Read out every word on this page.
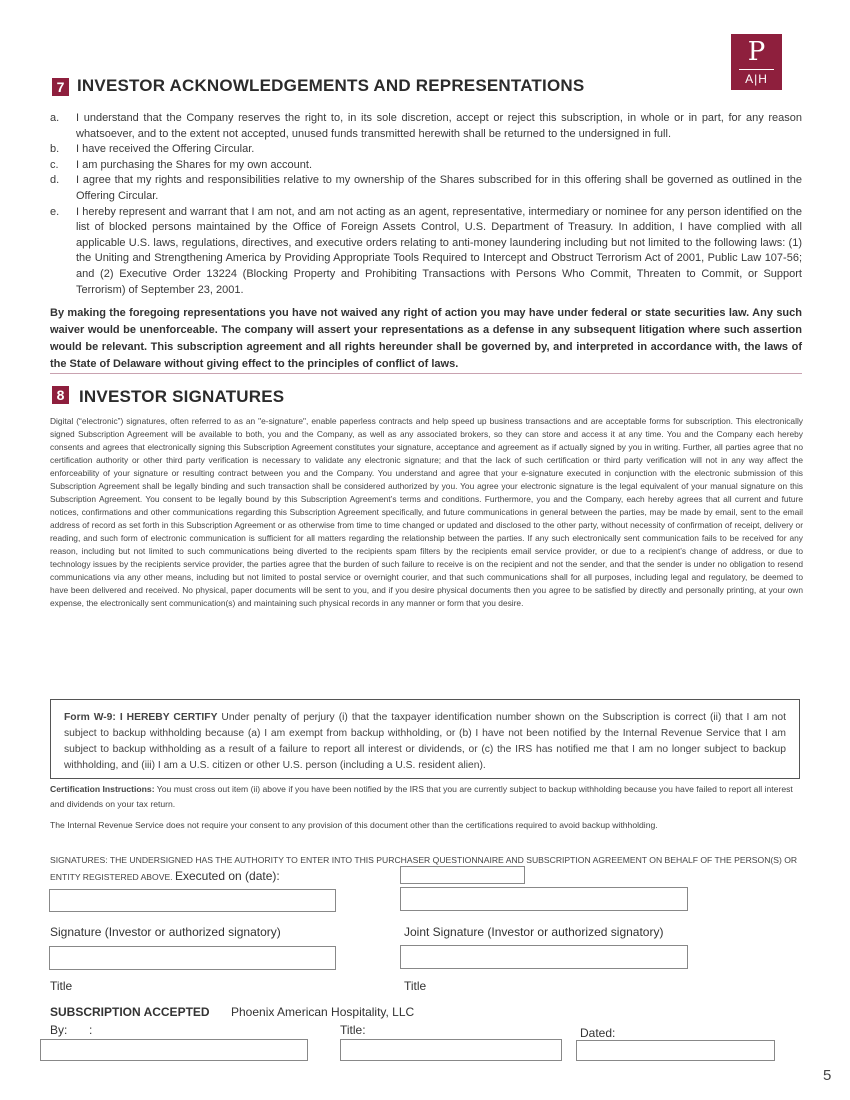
P
A|H
7 INVESTOR ACKNOWLEDGEMENTS AND REPRESENTATIONS
a.	I understand that the Company reserves the right to, in its sole discretion, accept or reject this subscription, in whole or in part, for any reason whatsoever, and to the extent not accepted, unused funds transmitted herewith shall be returned to the undersigned in full.
b.	I have received the Offering Circular.
c.	I am purchasing the Shares for my own account.
d.	I agree that my rights and responsibilities relative to my ownership of the Shares subscribed for in this offering shall be governed as outlined in the Offering Circular.
e.	I hereby represent and warrant that I am not, and am not acting as an agent, representative, intermediary or nominee for any person identified on the list of blocked persons maintained by the Office of Foreign Assets Control, U.S. Department of Treasury. In addition, I have complied with all applicable U.S. laws, regulations, directives, and executive orders relating to anti-money laundering including but not limited to the following laws: (1) the Uniting and Strengthening America by Providing Appropriate Tools Required to Intercept and Obstruct Terrorism Act of 2001, Public Law 107-56; and (2) Executive Order 13224 (Blocking Property and Prohibiting Transactions with Persons Who Commit, Threaten to Commit, or Support Terrorism) of September 23, 2001.
By making the foregoing representations you have not waived any right of action you may have under federal or state securities law. Any such waiver would be unenforceable. The company will assert your representations as a defense in any subsequent litigation where such assertion would be relevant. This subscription agreement and all rights hereunder shall be governed by, and interpreted in accordance with, the laws of the State of Delaware without giving effect to the principles of conflict of laws.
8 INVESTOR SIGNATURES
Digital (“electronic”) signatures, often referred to as an "e-signature", enable paperless contracts and help speed up business transactions and are acceptable forms for subscription. This electronically signed Subscription Agreement will be available to both, you and the Company, as well as any associated brokers, so they can store and access it at any time. You and the Company each hereby consents and agrees that electronically signing this Subscription Agreement constitutes your signature, acceptance and agreement as if actually signed by you in writing. Further, all parties agree that no certification authority or other third party verification is necessary to validate any electronic signature; and that the lack of such certification or third party verification will not in any way affect the enforceability of your signature or resulting contract between you and the Company. You understand and agree that your e-signature executed in conjunction with the electronic submission of this Subscription Agreement shall be legally binding and such transaction shall be considered authorized by you. You agree your electronic signature is the legal equivalent of your manual signature on this Subscription Agreement. You consent to be legally bound by this Subscription Agreement’s terms and conditions. Furthermore, you and the Company, each hereby agrees that all current and future notices, confirmations and other communications regarding this Subscription Agreement specifically, and future communications in general between the parties, may be made by email, sent to the email address of record as set forth in this Subscription Agreement or as otherwise from time to time changed or updated and disclosed to the other party, without necessity of confirmation of receipt, delivery or reading, and such form of electronic communication is sufficient for all matters regarding the relationship between the parties. If any such electronically sent communication fails to be received for any reason, including but not limited to such communications being diverted to the recipients spam filters by the recipients email service provider, or due to a recipient’s change of address, or due to technology issues by the recipients service provider, the parties agree that the burden of such failure to receive is on the recipient and not the sender, and that the sender is under no obligation to resend communications via any other means, including but not limited to postal service or overnight courier, and that such communications shall for all purposes, including legal and regulatory, be deemed to have been delivered and received. No physical, paper documents will be sent to you, and if you desire physical documents then you agree to be satisfied by directly and personally printing, at your own expense, the electronically sent communication(s) and maintaining such physical records in any manner or form that you desire.
Form W-9: I HEREBY CERTIFY Under penalty of perjury (i) that the taxpayer identification number shown on the Subscription is correct (ii) that I am not subject to backup withholding because (a) I am exempt from backup withholding, or (b) I have not been notified by the Internal Revenue Service that I am subject to backup withholding as a result of a failure to report all interest or dividends, or (c) the IRS has notified me that I am no longer subject to backup withholding, and (iii) I am a U.S. citizen or other U.S. person (including a U.S. resident alien).
Certification Instructions: You must cross out item (ii) above if you have been notified by the IRS that you are currently subject to backup withholding because you have failed to report all interest and dividends on your tax return.
The Internal Revenue Service does not require your consent to any provision of this document other than the certifications required to avoid backup withholding.
SIGNATURES: THE UNDERSIGNED HAS THE AUTHORITY TO ENTER INTO THIS PURCHASER QUESTIONNAIRE AND SUBSCRIPTION AGREEMENT ON BEHALF OF THE PERSON(S) OR ENTITY REGISTERED ABOVE. Executed on (date):
Signature (Investor or authorized signatory)	Joint Signature (Investor or authorized signatory)
Title	Title
SUBSCRIPTION ACCEPTED Phoenix American Hospitality, LLC
By: :	Title:	Dated:
5
